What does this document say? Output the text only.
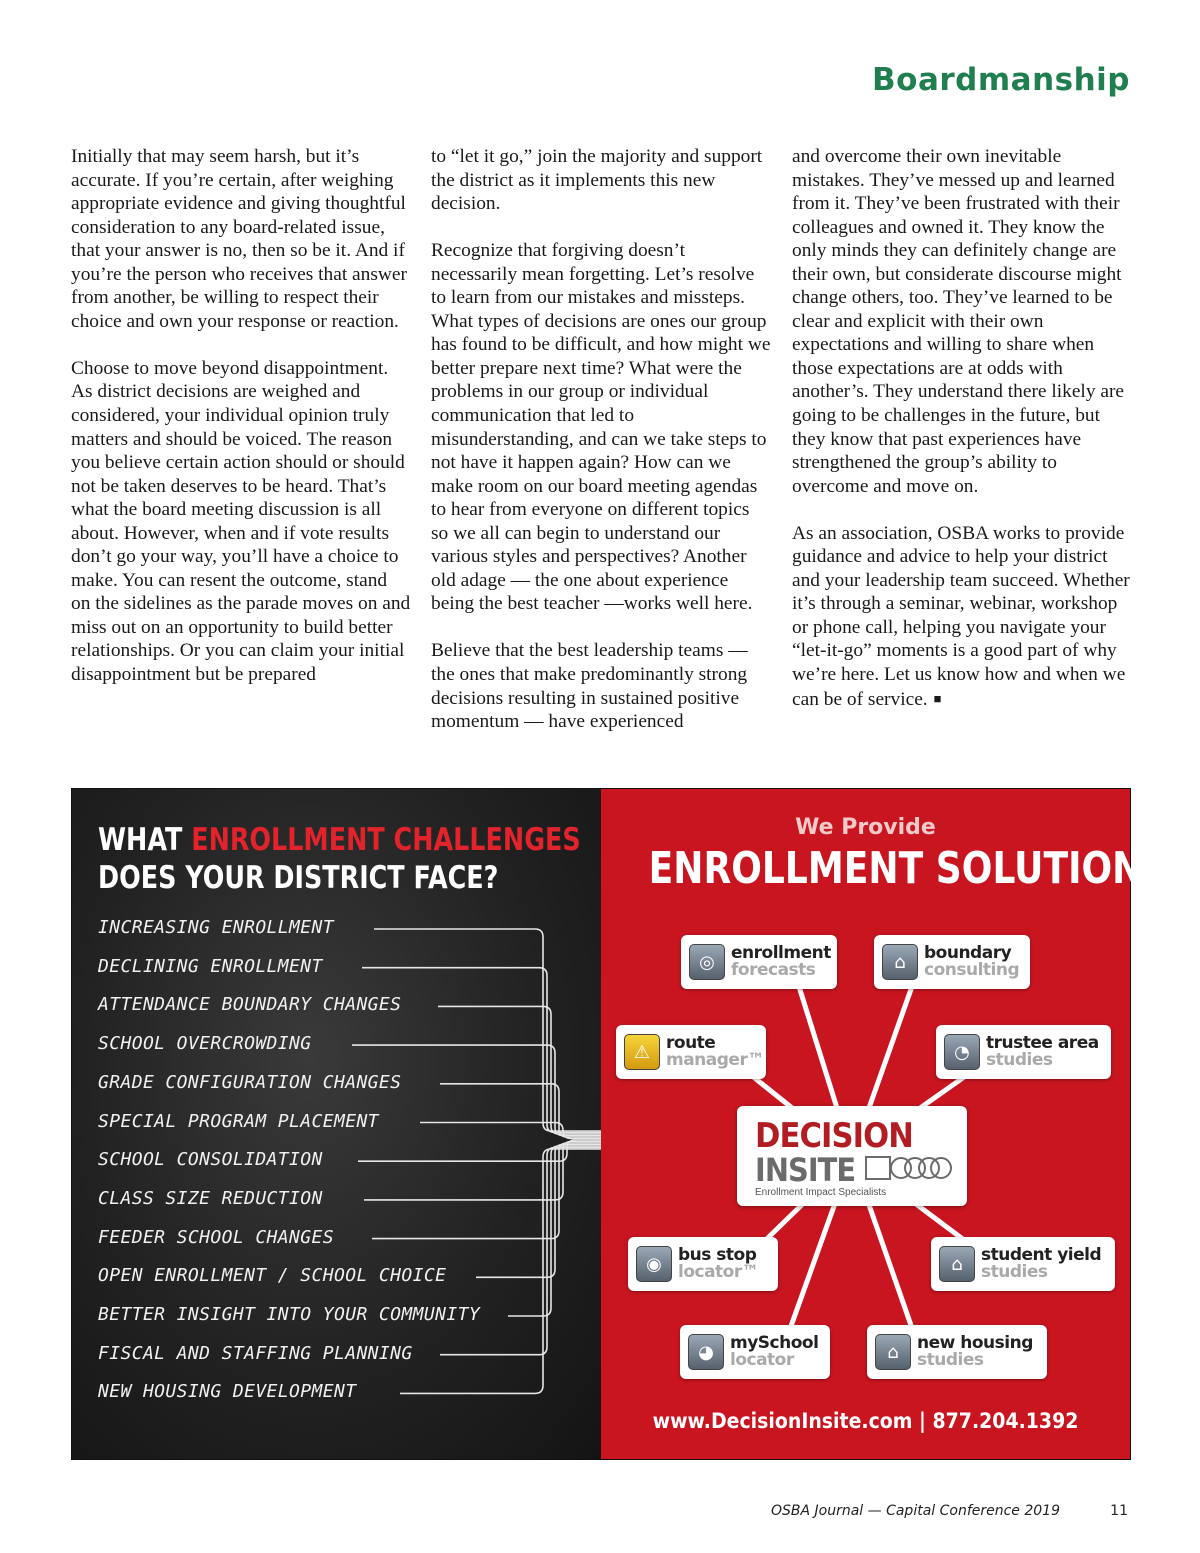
Boardmanship

Initially that may seem harsh, but it’s accurate. If you’re certain, after weighing appropriate evidence and giving thoughtful consideration to any board-related issue, that your answer is no, then so be it. And if you’re the person who receives that answer from another, be willing to respect their choice and own your response or reaction.

Choose to move beyond disappointment. As district decisions are weighed and considered, your individual opinion truly matters and should be voiced. The reason you believe certain action should or should not be taken deserves to be heard. That’s what the board meeting discussion is all about. However, when and if vote results don’t go your way, you’ll have a choice to make. You can resent the outcome, stand on the sidelines as the parade moves on and miss out on an opportunity to build better relationships. Or you can claim your initial disappointment but be prepared

to “let it go,” join the majority and support the district as it implements this new decision.

Recognize that forgiving doesn’t necessarily mean forgetting. Let’s resolve to learn from our mistakes and missteps. What types of decisions are ones our group has found to be difficult, and how might we better prepare next time? What were the problems in our group or individual communication that led to misunderstanding, and can we take steps to not have it happen again? How can we make room on our board meeting agendas to hear from everyone on different topics so we all can begin to understand our various styles and perspectives? Another old adage — the one about experience being the best teacher —works well here.

Believe that the best leadership teams — the ones that make predominantly strong decisions resulting in sustained positive momentum — have experienced

and overcome their own inevitable mistakes. They’ve messed up and learned from it. They’ve been frustrated with their colleagues and owned it. They know the only minds they can definitely change are their own, but considerate discourse might change others, too. They’ve learned to be clear and explicit with their own expectations and willing to share when those expectations are at odds with another’s. They understand there likely are going to be challenges in the future, but they know that past experiences have strengthened the group’s ability to overcome and move on.

As an association, OSBA works to provide guidance and advice to help your district and your leadership team succeed. Whether it’s through a seminar, webinar, workshop or phone call, helping you navigate your “let-it-go” moments is a good part of why we’re here. Let us know how and when we can be of service. ■

WHAT ENROLLMENT CHALLENGES
DOES YOUR DISTRICT FACE?
INCREASING ENROLLMENT
DECLINING ENROLLMENT
ATTENDANCE BOUNDARY CHANGES
SCHOOL OVERCROWDING
GRADE CONFIGURATION CHANGES
SPECIAL PROGRAM PLACEMENT
SCHOOL CONSOLIDATION
CLASS SIZE REDUCTION
FEEDER SCHOOL CHANGES
OPEN ENROLLMENT / SCHOOL CHOICE
BETTER INSIGHT INTO YOUR COMMUNITY
FISCAL AND STAFFING PLANNING
NEW HOUSING DEVELOPMENT
We Provide
ENROLLMENT SOLUTIONS
◎ enrollment
forecasts	⌂	boundary
consulting
⚠ route
manager™	◔ trustee area
studies
DECISION
INSITE
Enrollment Impact Specialists
◉ bus stop
locator™	⌂	student yield
studies
◕ mySchool
locator	⌂	new housing
studies
www.DecisionInsite.com | 877.204.1392
OSBA Journal — Capital Conference 2019	11
